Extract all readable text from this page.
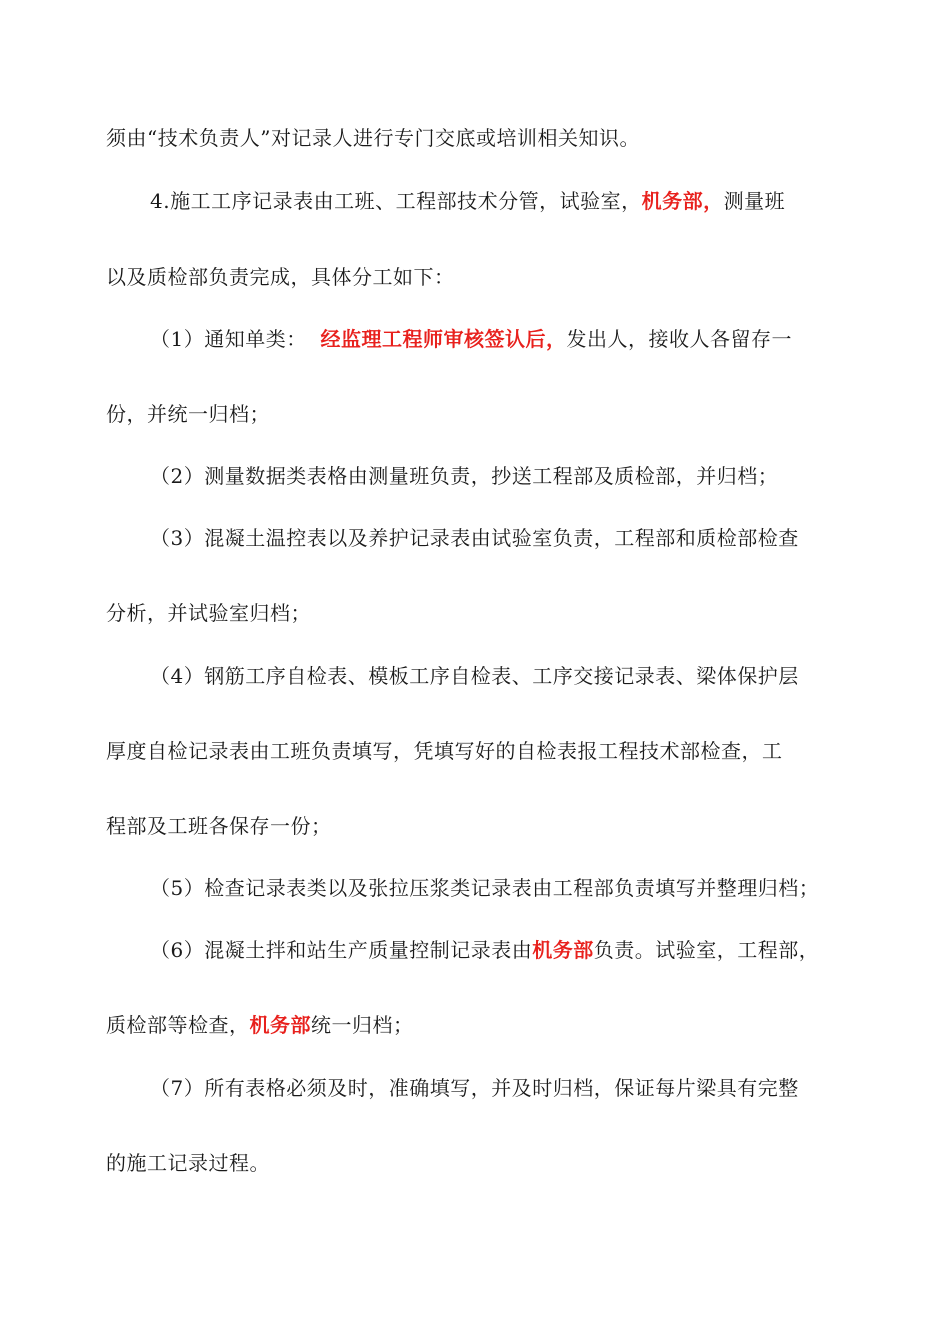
须由“技术负责人”对记录人进行专门交底或培训相关知识。
4.施工工序记录表由工班、工程部技术分管，试验室，机务部，测量班
以及质检部负责完成，具体分工如下：
（1）通知单类：  经监理工程师审核签认后，发出人，接收人各留存一
份，并统一归档；
（2）测量数据类表格由测量班负责，抄送工程部及质检部，并归档；
（3）混凝土温控表以及养护记录表由试验室负责，工程部和质检部检查
分析，并试验室归档；
（4）钢筋工序自检表、模板工序自检表、工序交接记录表、梁体保护层
厚度自检记录表由工班负责填写，凭填写好的自检表报工程技术部检查，工
程部及工班各保存一份；
（5）检查记录表类以及张拉压浆类记录表由工程部负责填写并整理归档；
（6）混凝土拌和站生产质量控制记录表由机务部负责。试验室，工程部，
质检部等检查，机务部统一归档；
（7）所有表格必须及时，准确填写，并及时归档，保证每片梁具有完整
的施工记录过程。
